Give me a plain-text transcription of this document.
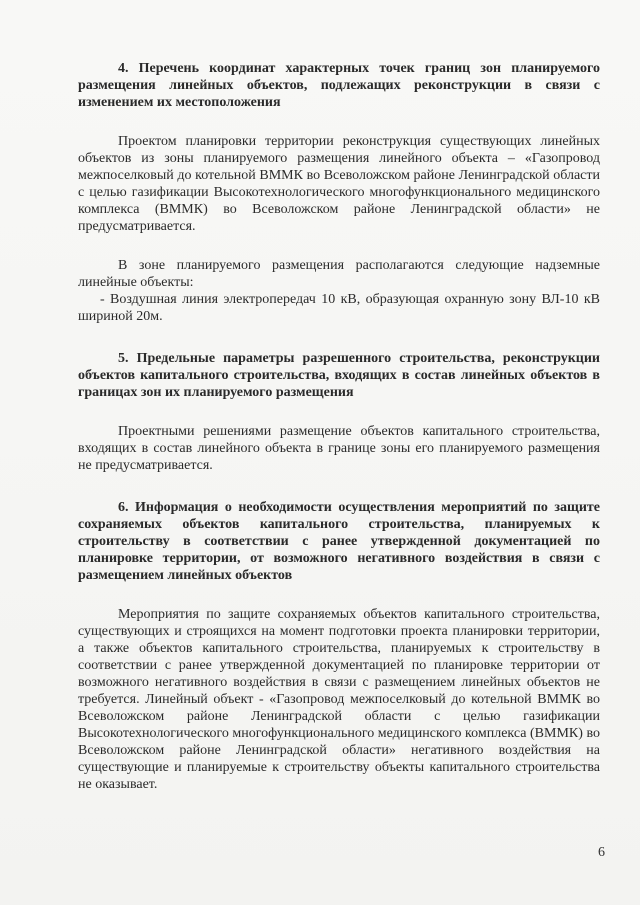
4. Перечень координат характерных точек границ зон планируемого размещения линейных объектов, подлежащих реконструкции в связи с изменением их местоположения

Проектом планировки территории реконструкция существующих линейных объектов из зоны планируемого размещения линейного объекта – «Газопровод межпоселковый до котельной ВММК во Всеволожском районе Ленинградской области с целью газификации Высокотехнологического многофункционального медицинского комплекса (ВММК) во Всеволожском районе Ленинградской области» не предусматривается.

В зоне планируемого размещения располагаются следующие надземные линейные объекты:

- Воздушная линия электропередач 10 кВ, образующая охранную зону ВЛ-10 кВ шириной 20м.

5. Предельные параметры разрешенного строительства, реконструкции объектов капитального строительства, входящих в состав линейных объектов в границах зон их планируемого размещения

Проектными решениями размещение объектов капитального строительства, входящих в состав линейного объекта в границе зоны его планируемого размещения не предусматривается.

6. Информация о необходимости осуществления мероприятий по защите сохраняемых объектов капитального строительства, планируемых к строительству в соответствии с ранее утвержденной документацией по планировке территории, от возможного негативного воздействия в связи с размещением линейных объектов

Мероприятия по защите сохраняемых объектов капитального строительства, существующих и строящихся на момент подготовки проекта планировки территории, а также объектов капитального строительства, планируемых к строительству в соответствии с ранее утвержденной документацией по планировке территории от возможного негативного воздействия в связи с размещением линейных объектов не требуется. Линейный объект - «Газопровод межпоселковый до котельной ВММК во Всеволожском районе Ленинградской области с целью газификации Высокотехнологического многофункционального медицинского комплекса (ВММК) во Всеволожском районе Ленинградской области» негативного воздействия на существующие и планируемые к строительству объекты капитального строительства не оказывает.

6
